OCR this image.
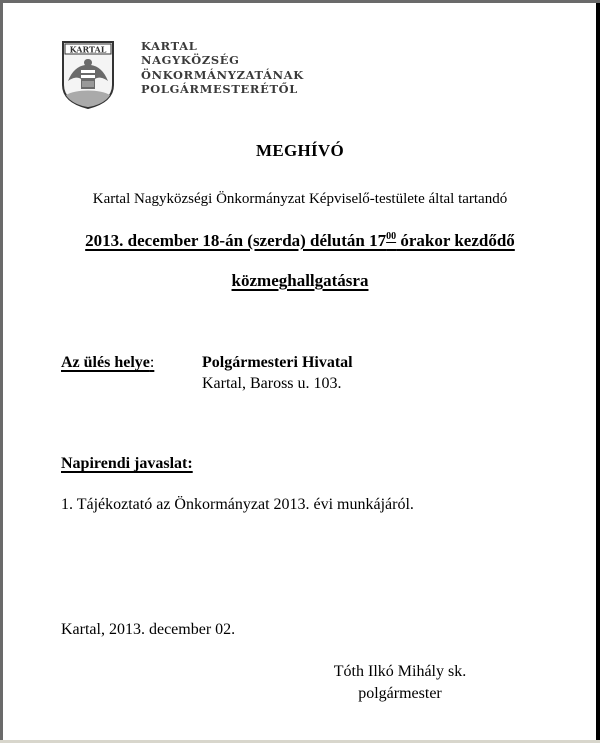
KARTAL	KARTAL
NAGYKÖZSÉG
ÖNKORMÁNYZATÁNAK
POLGÁRMESTERÉTŐL
MEGHÍVÓ
Kartal Nagyközségi Önkormányzat Képviselő-testülete által tartandó
2013. december 18-án (szerda) délután $17^{00}$ órakor kezdődő
közmeghallgatásra
Az ülés helye:	Polgármesteri Hivatal
Kartal, Baross u. 103.
Napirendi javaslat:
1. Tájékoztató az Önkormányzat 2013. évi munkájáról.
Kartal, 2013. december 02.
Tóth Ilkó Mihály sk.
polgármester
